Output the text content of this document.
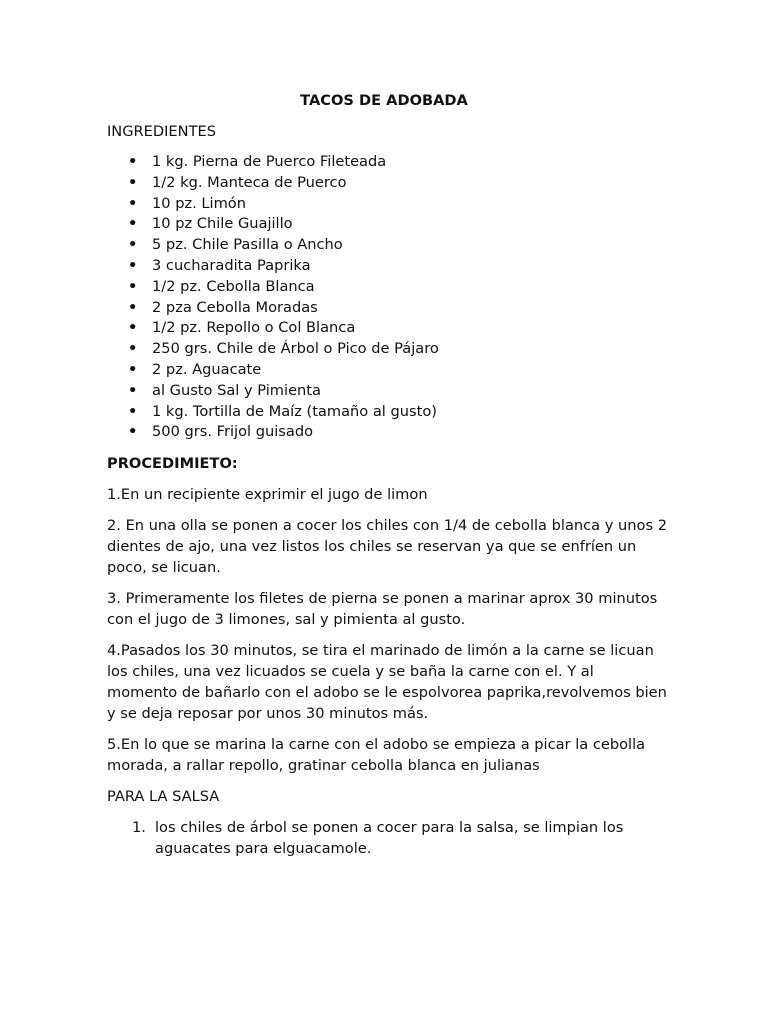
TACOS DE ADOBADA

INGREDIENTES

• 1 kg. Pierna de Puerco Fileteada
• 1/2 kg. Manteca de Puerco
• 10 pz. Limón
• 10 pz Chile Guajillo
• 5 pz. Chile Pasilla o Ancho
• 3 cucharadita Paprika
• 1/2 pz. Cebolla Blanca
• 2 pza Cebolla Moradas
• 1/2 pz. Repollo o Col Blanca
• 250 grs. Chile de Árbol o Pico de Pájaro
• 2 pz. Aguacate
• al Gusto Sal y Pimienta
• 1 kg. Tortilla de Maíz (tamaño al gusto)
• 500 grs. Frijol guisado

PROCEDIMIETO:

1.En un recipiente exprimir el jugo de limon

2. En una olla se ponen a cocer los chiles con 1/4 de cebolla blanca y unos 2 dientes de ajo, una vez listos los chiles se reservan ya que se enfríen un poco, se licuan.

3. Primeramente los filetes de pierna se ponen a marinar aprox 30 minutos con el jugo de 3 limones, sal y pimienta al gusto.

4.Pasados los 30 minutos, se tira el marinado de limón a la carne se licuan los chiles, una vez licuados se cuela y se baña la carne con el. Y al momento de bañarlo con el adobo se le espolvorea paprika,revolvemos bien y se deja reposar por unos 30 minutos más.

5.En lo que se marina la carne con el adobo se empieza a picar la cebolla morada, a rallar repollo, gratinar cebolla blanca en julianas

PARA LA SALSA

1. los chiles de árbol se ponen a cocer para la salsa, se limpian los aguacates para elguacamole.
